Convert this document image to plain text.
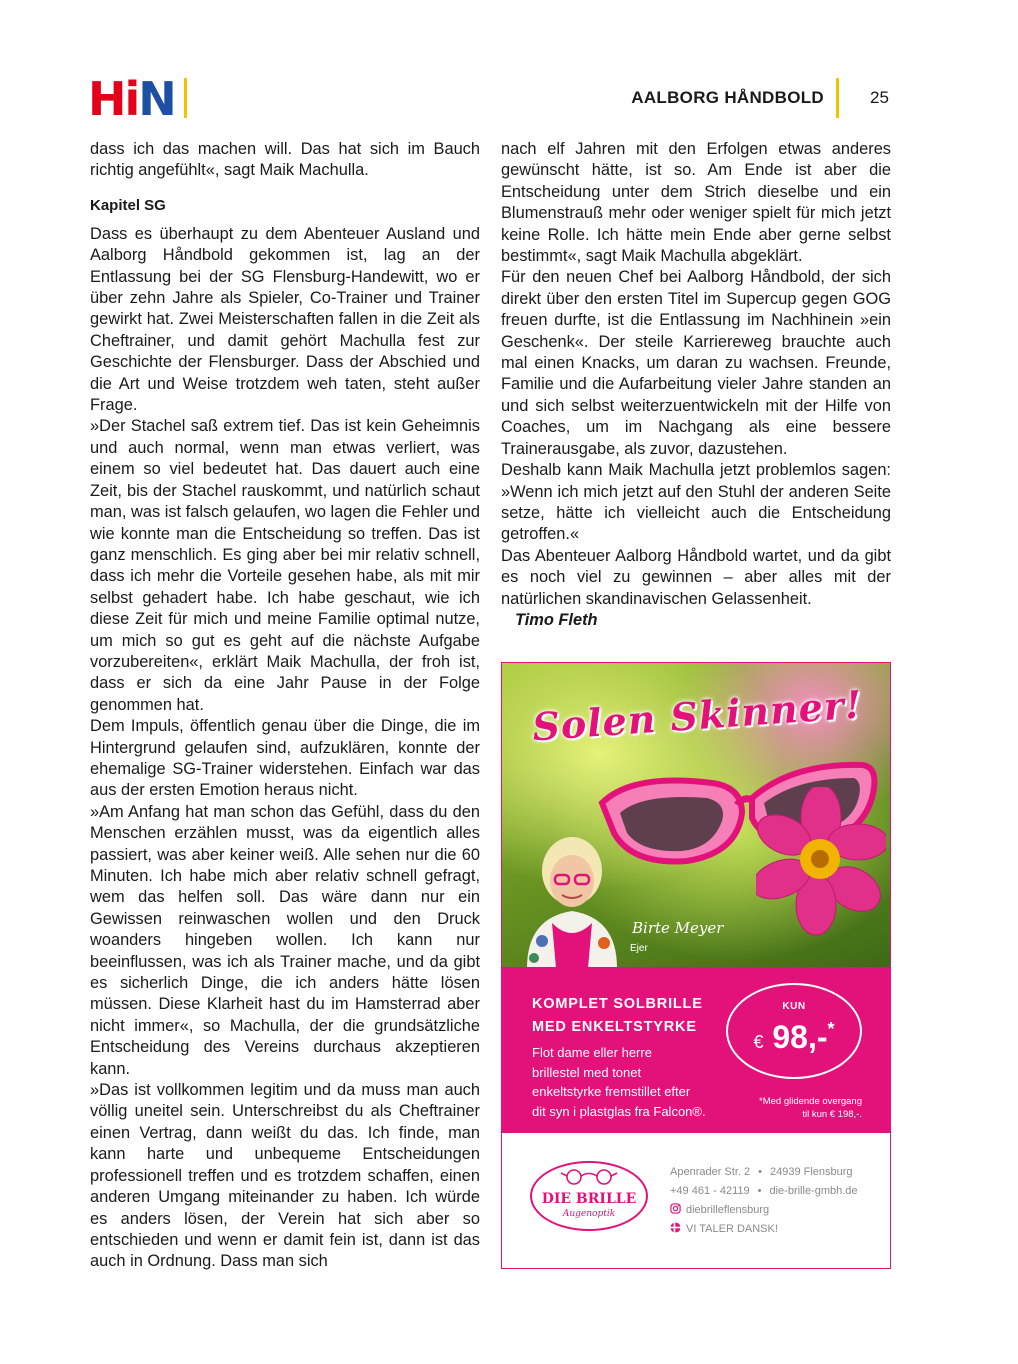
HiN	AALBORG HÅNDBOLD	25

dass ich das machen will. Das hat sich im Bauch richtig angefühlt«, sagt Maik Machulla.

Kapitel SG

Dass es überhaupt zu dem Abenteuer Ausland und Aalborg Håndbold gekommen ist, lag an der Entlassung bei der SG Flensburg-Handewitt, wo er über zehn Jahre als Spieler, Co-Trainer und Trainer gewirkt hat. Zwei Meisterschaften fallen in die Zeit als Cheftrainer, und damit gehört Machulla fest zur Geschichte der Flensburger. Dass der Abschied und die Art und Weise trotzdem weh taten, steht außer Frage.

»Der Stachel saß extrem tief. Das ist kein Geheimnis und auch normal, wenn man etwas verliert, was einem so viel bedeutet hat. Das dauert auch eine Zeit, bis der Stachel rauskommt, und natürlich schaut man, was ist falsch gelaufen, wo lagen die Fehler und wie konnte man die Entscheidung so treffen. Das ist ganz menschlich. Es ging aber bei mir relativ schnell, dass ich mehr die Vorteile gesehen habe, als mit mir selbst gehadert habe. Ich habe geschaut, wie ich diese Zeit für mich und meine Familie optimal nutze, um mich so gut es geht auf die nächste Aufgabe vorzubereiten«, erklärt Maik Machulla, der froh ist, dass er sich da eine Jahr Pause in der Folge genommen hat.

Dem Impuls, öffentlich genau über die Dinge, die im Hintergrund gelaufen sind, aufzuklären, konnte der ehemalige SG-Trainer widerstehen. Einfach war das aus der ersten Emotion heraus nicht.

»Am Anfang hat man schon das Gefühl, dass du den Menschen erzählen musst, was da eigentlich alles passiert, was aber keiner weiß. Alle sehen nur die 60 Minuten. Ich habe mich aber relativ schnell gefragt, wem das helfen soll. Das wäre dann nur ein Gewissen reinwaschen wollen und den Druck woanders hingeben wollen. Ich kann nur beeinflussen, was ich als Trainer mache, und da gibt es sicherlich Dinge, die ich anders hätte lösen müssen. Diese Klarheit hast du im Hamsterrad aber nicht immer«, so Machulla, der die grundsätzliche Entscheidung des Vereins durchaus akzeptieren kann.

»Das ist vollkommen legitim und da muss man auch völlig uneitel sein. Unterschreibst du als Cheftrainer einen Vertrag, dann weißt du das. Ich finde, man kann harte und unbequeme Entscheidungen professionell treffen und es trotzdem schaffen, einen anderen Umgang miteinander zu haben. Ich würde es anders lösen, der Verein hat sich aber so entschieden und wenn er damit fein ist, dann ist das auch in Ordnung. Dass man sich

nach elf Jahren mit den Erfolgen etwas anderes gewünscht hätte, ist so. Am Ende ist aber die Entscheidung unter dem Strich dieselbe und ein Blumenstrauß mehr oder weniger spielt für mich jetzt keine Rolle. Ich hätte mein Ende aber gerne selbst bestimmt«, sagt Maik Machulla abgeklärt.

Für den neuen Chef bei Aalborg Håndbold, der sich direkt über den ersten Titel im Supercup gegen GOG freuen durfte, ist die Entlassung im Nachhinein »ein Geschenk«. Der steile Karriereweg brauchte auch mal einen Knacks, um daran zu wachsen. Freunde, Familie und die Aufarbeitung vieler Jahre standen an und sich selbst weiterzuentwickeln mit der Hilfe von Coaches, um im Nachgang als eine bessere Trainerausgabe, als zuvor, dazustehen.

Deshalb kann Maik Machulla jetzt problemlos sagen: »Wenn ich mich jetzt auf den Stuhl der anderen Seite setze, hätte ich vielleicht auch die Entscheidung getroffen.«

Das Abenteuer Aalborg Håndbold wartet, und da gibt es noch viel zu gewinnen – aber alles mit der natürlichen skandinavischen Gelassenheit.

Timo Fleth

Solen Skinner!
Birte Meyer
Ejer
KOMPLET SOLBRILLE
MED ENKELTSTYRKE
Flot dame eller herre
brillestel med tonet
enkeltstyrke fremstillet efter
dit syn i plastglas fra Falcon®.
KUN
€ 98,-*
*Med glidende overgang
til kun € 198,-.
DIE BRILLE
Augenoptik
Apenrader Str. 2 • 24939 Flensburg
+49 461 - 42119 • die-brille-gmbh.de
diebrilleflensburg
VI TALER DANSK!
